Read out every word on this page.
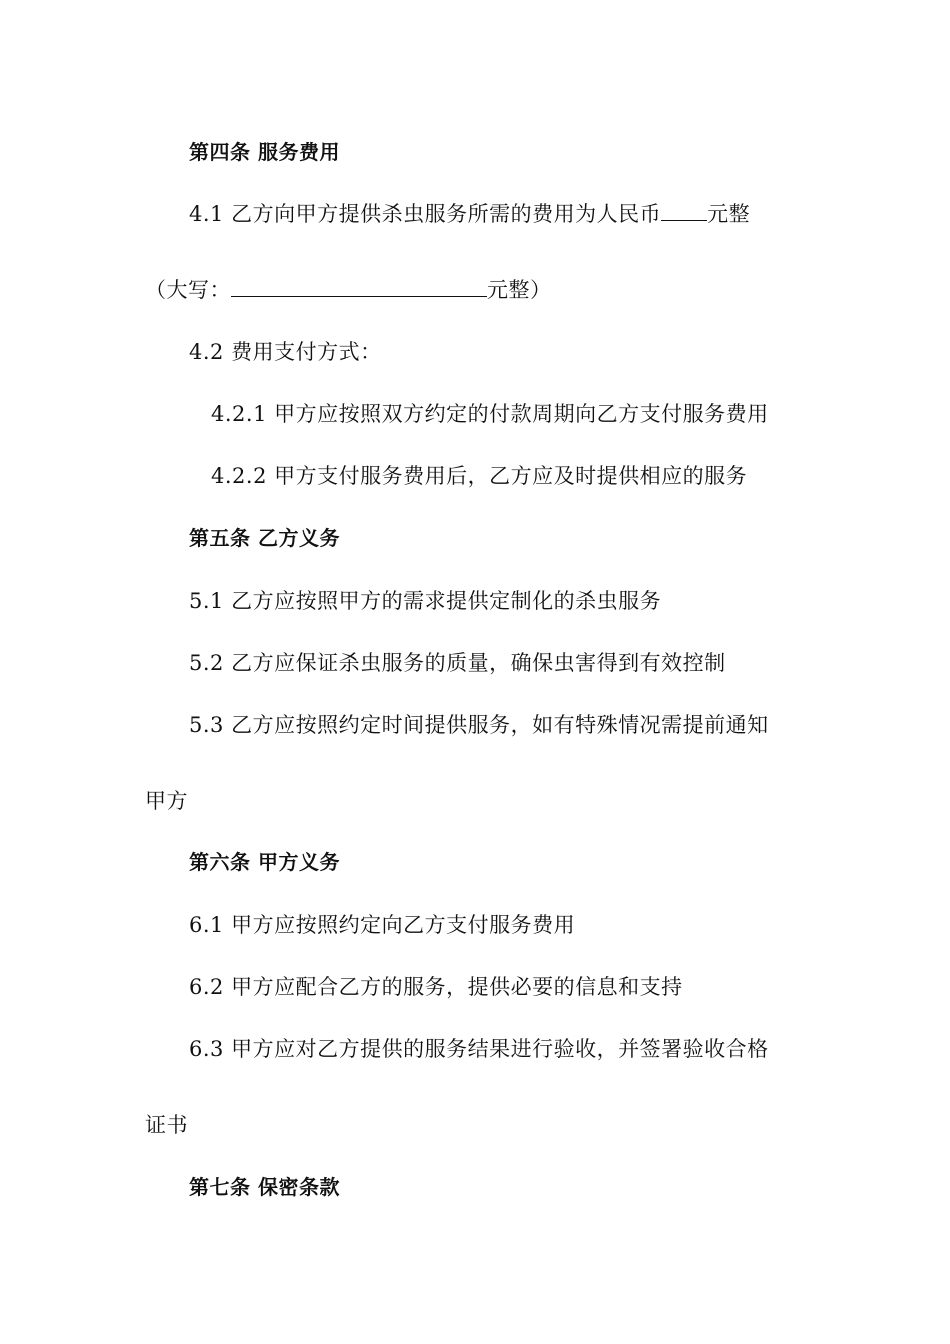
第四条 服务费用
4.1 乙方向甲方提供杀虫服务所需的费用为人民币 元整
（大写：	元整）
4.2 费用支付方式：
4.2.1 甲方应按照双方约定的付款周期向乙方支付服务费用
4.2.2 甲方支付服务费用后，乙方应及时提供相应的服务
第五条 乙方义务
5.1 乙方应按照甲方的需求提供定制化的杀虫服务
5.2 乙方应保证杀虫服务的质量，确保虫害得到有效控制
5.3 乙方应按照约定时间提供服务，如有特殊情况需提前通知
甲方
第六条 甲方义务
6.1 甲方应按照约定向乙方支付服务费用
6.2 甲方应配合乙方的服务，提供必要的信息和支持
6.3 甲方应对乙方提供的服务结果进行验收，并签署验收合格
证书
第七条 保密条款
